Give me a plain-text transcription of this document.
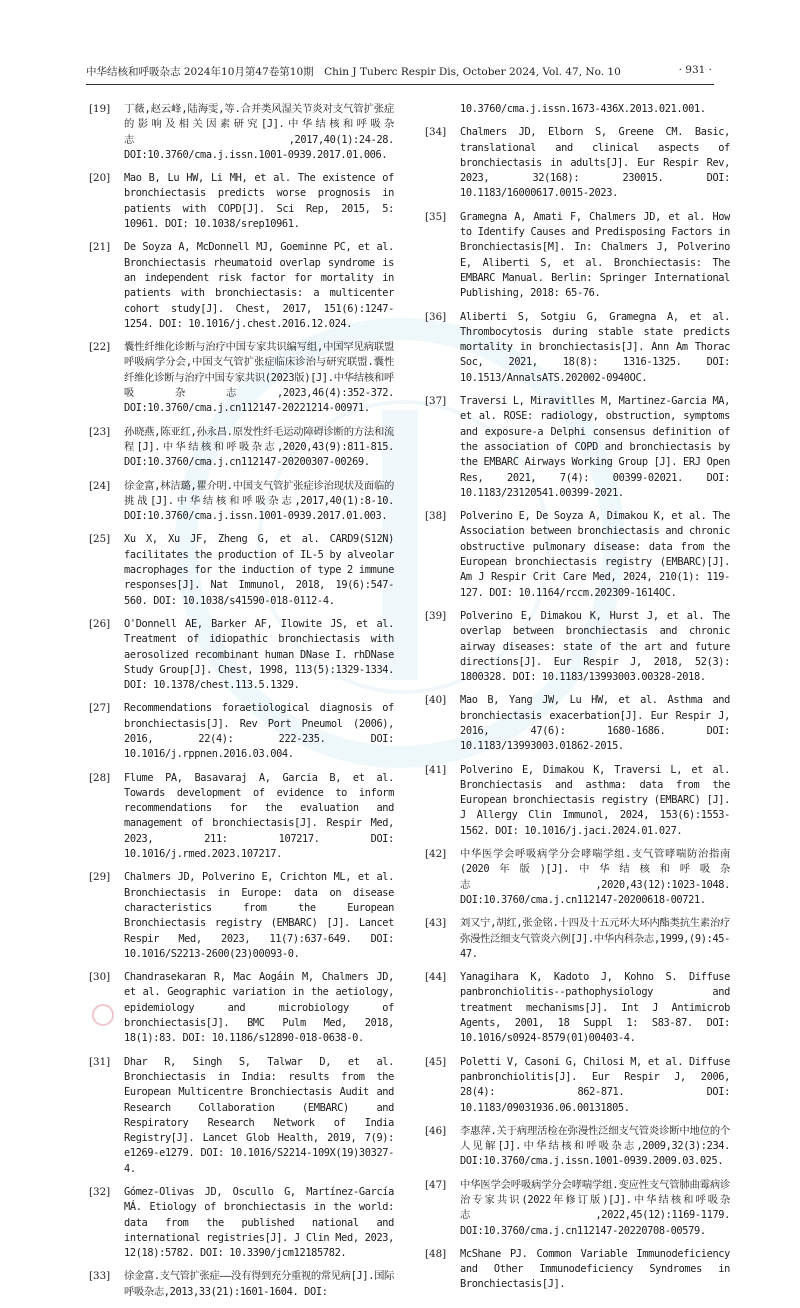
中华结核和呼吸杂志 2024年10月第47卷第10期　Chin J Tuberc Respir Dis, October 2024, Vol. 47, No. 10	· 931 ·
[19] 丁薇,赵云峰,陆海雯,等.合并类风湿关节炎对支气管扩张症的影响及相关因素研究[J].中华结核和呼吸杂志,2017,40(1):24-28. DOI:10.3760/cma.j.issn.1001-0939.2017.01.006.
[20] Mao B, Lu HW, Li MH, et al. The existence of bronchiectasis predicts worse prognosis in patients with COPD[J]. Sci Rep, 2015, 5: 10961. DOI: 10.1038/srep10961.
[21] De Soyza A, McDonnell MJ, Goeminne PC, et al. Bronchiectasis rheumatoid overlap syndrome is an independent risk factor for mortality in patients with bronchiectasis: a multicenter cohort study[J]. Chest, 2017, 151(6):1247-1254. DOI: 10.1016/j.chest.2016.12.024.
[22] 囊性纤维化诊断与治疗中国专家共识编写组,中国罕见病联盟呼吸病学分会,中国支气管扩张症临床诊治与研究联盟.囊性纤维化诊断与治疗中国专家共识(2023版)[J].中华结核和呼吸杂志,2023,46(4):352-372. DOI:10.3760/cma.j.cn112147-20221214-00971.
[23] 孙晓燕,陈亚红,孙永昌.原发性纤毛运动障碍诊断的方法和流程[J].中华结核和呼吸杂志,2020,43(9):811-815. DOI:10.3760/cma.j.cn112147-20200307-00269.
[24] 徐金富,林洁璐,瞿介明.中国支气管扩张症诊治现状及面临的挑战[J].中华结核和呼吸杂志,2017,40(1):8-10. DOI:10.3760/cma.j.issn.1001-0939.2017.01.003.
[25] Xu X, Xu JF, Zheng G, et al. CARD9(S12N) facilitates the production of IL-5 by alveolar macrophages for the induction of type 2 immune responses[J]. Nat Immunol, 2018, 19(6):547-560. DOI: 10.1038/s41590-018-0112-4.
[26] O'Donnell AE, Barker AF, Ilowite JS, et al. Treatment of idiopathic bronchiectasis with aerosolized recombinant human DNase I. rhDNase Study Group[J]. Chest, 1998, 113(5):1329-1334. DOI: 10.1378/chest.113.5.1329.
[27] Recommendations foraetiological diagnosis of bronchiectasis[J]. Rev Port Pneumol (2006), 2016, 22(4): 222-235. DOI: 10.1016/j.rppnen.2016.03.004.
[28] Flume PA, Basavaraj A, Garcia B, et al. Towards development of evidence to inform recommendations for the evaluation and management of bronchiectasis[J]. Respir Med, 2023, 211: 107217. DOI: 10.1016/j.rmed.2023.107217.
[29] Chalmers JD, Polverino E, Crichton ML, et al. Bronchiectasis in Europe: data on disease characteristics from the European Bronchiectasis registry (EMBARC) [J]. Lancet Respir Med, 2023, 11(7):637-649. DOI: 10.1016/S2213-2600(23)00093-0.
[30] Chandrasekaran R, Mac Aogáin M, Chalmers JD, et al. Geographic variation in the aetiology, epidemiology and microbiology of bronchiectasis[J]. BMC Pulm Med, 2018, 18(1):83. DOI: 10.1186/s12890-018-0638-0.
[31] Dhar R, Singh S, Talwar D, et al. Bronchiectasis in India: results from the European Multicentre Bronchiectasis Audit and Research Collaboration (EMBARC) and Respiratory Research Network of India Registry[J]. Lancet Glob Health, 2019, 7(9): e1269-e1279. DOI: 10.1016/S2214-109X(19)30327-4.
[32] Gómez-Olivas JD, Oscullo G, Martínez-García MÁ. Etiology of bronchiectasis in the world: data from the published national and international registries[J]. J Clin Med, 2023, 12(18):5782. DOI: 10.3390/jcm12185782.
[33] 徐金富.支气管扩张症——没有得到充分重视的常见病[J].国际呼吸杂志,2013,33(21):1601-1604. DOI:
10.3760/cma.j.issn.1673-436X.2013.021.001.
[34] Chalmers JD, Elborn S, Greene CM. Basic, translational and clinical aspects of bronchiectasis in adults[J]. Eur Respir Rev, 2023, 32(168): 230015. DOI: 10.1183/16000617.0015-2023.
[35] Gramegna A, Amati F, Chalmers JD, et al. How to Identify Causes and Predisposing Factors in Bronchiectasis[M]. In: Chalmers J, Polverino E, Aliberti S, et al. Bronchiectasis: The EMBARC Manual. Berlin: Springer International Publishing, 2018: 65-76.
[36] Aliberti S, Sotgiu G, Gramegna A, et al. Thrombocytosis during stable state predicts mortality in bronchiectasis[J]. Ann Am Thorac Soc, 2021, 18(8): 1316-1325. DOI: 10.1513/AnnalsATS.202002-0940OC.
[37] Traversi L, Miravitlles M, Martinez-Garcia MA, et al. ROSE: radiology, obstruction, symptoms and exposure-a Delphi consensus definition of the association of COPD and bronchiectasis by the EMBARC Airways Working Group [J]. ERJ Open Res, 2021, 7(4): 00399-02021. DOI: 10.1183/23120541.00399-2021.
[38] Polverino E, De Soyza A, Dimakou K, et al. The Association between bronchiectasis and chronic obstructive pulmonary disease: data from the European bronchiectasis registry (EMBARC)[J]. Am J Respir Crit Care Med, 2024, 210(1): 119-127. DOI: 10.1164/rccm.202309-1614OC.
[39] Polverino E, Dimakou K, Hurst J, et al. The overlap between bronchiectasis and chronic airway diseases: state of the art and future directions[J]. Eur Respir J, 2018, 52(3): 1800328. DOI: 10.1183/13993003.00328-2018.
[40] Mao B, Yang JW, Lu HW, et al. Asthma and bronchiectasis exacerbation[J]. Eur Respir J, 2016, 47(6): 1680-1686. DOI: 10.1183/13993003.01862-2015.
[41] Polverino E, Dimakou K, Traversi L, et al. Bronchiectasis and asthma: data from the European bronchiectasis registry (EMBARC) [J]. J Allergy Clin Immunol, 2024, 153(6):1553-1562. DOI: 10.1016/j.jaci.2024.01.027.
[42] 中华医学会呼吸病学分会哮喘学组.支气管哮喘防治指南(2020年版)[J].中华结核和呼吸杂志,2020,43(12):1023-1048. DOI:10.3760/cma.j.cn112147-20200618-00721.
[43] 刘又宁,胡红,张金铭.十四及十五元环大环内酯类抗生素治疗弥漫性泛细支气管炎六例[J].中华内科杂志,1999,(9):45-47.
[44] Yanagihara K, Kadoto J, Kohno S. Diffuse panbronchiolitis--pathophysiology and treatment mechanisms[J]. Int J Antimicrob Agents, 2001, 18 Suppl 1: S83-87. DOI: 10.1016/s0924-8579(01)00403-4.
[45] Poletti V, Casoni G, Chilosi M, et al. Diffuse panbronchiolitis[J]. Eur Respir J, 2006, 28(4): 862-871. DOI: 10.1183/09031936.06.00131805.
[46] 李惠萍.关于病理活检在弥漫性泛细支气管炎诊断中地位的个人见解[J].中华结核和呼吸杂志,2009,32(3):234. DOI:10.3760/cma.j.issn.1001-0939.2009.03.025.
[47] 中华医学会呼吸病学分会哮喘学组.变应性支气管肺曲霉病诊治专家共识(2022年修订版)[J].中华结核和呼吸杂志,2022,45(12):1169-1179. DOI:10.3760/cma.j.cn112147-20220708-00579.
[48] McShane PJ. Common Variable Immunodeficiency and Other Immunodeficiency Syndromes in Bronchiectasis[J].
